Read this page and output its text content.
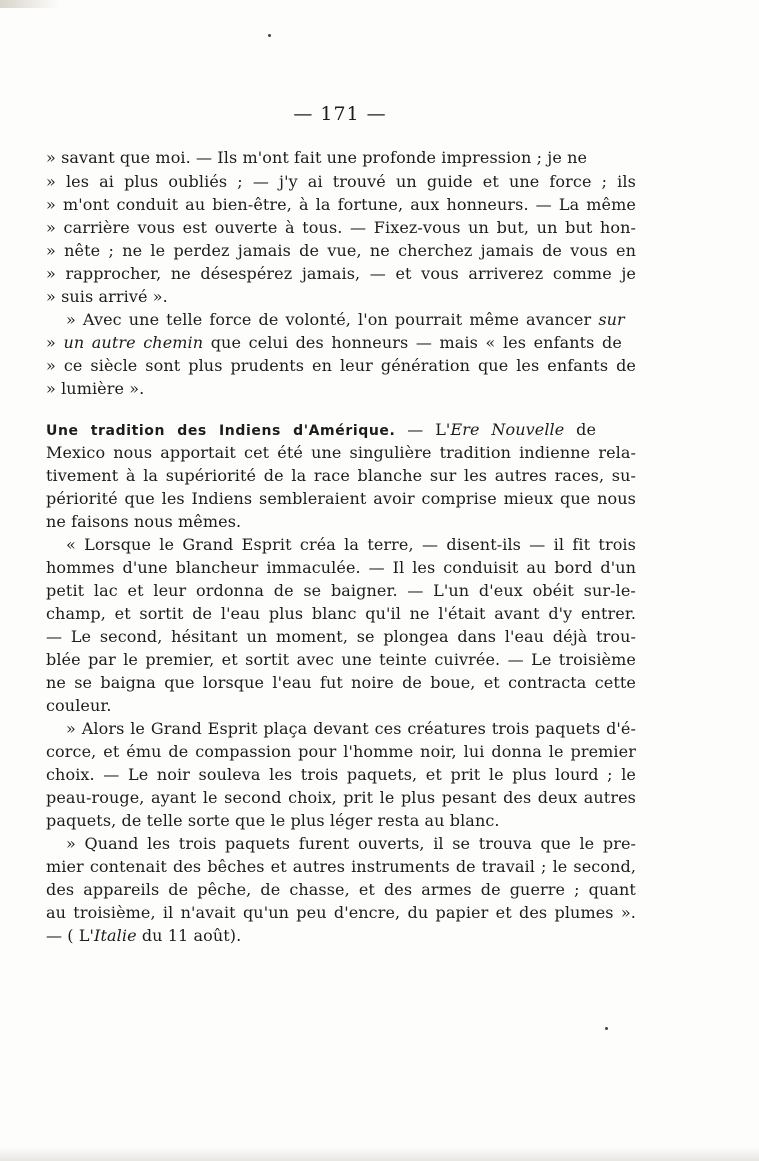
— 171 —
» savant que moi. — Ils m'ont fait une profonde impression ; je ne
» les ai plus oubliés ; — j'y ai trouvé un guide et une force ; ils
» m'ont conduit au bien-être, à la fortune, aux honneurs. — La même
» carrière vous est ouverte à tous. — Fixez-vous un but, un but hon-
» nête ; ne le perdez jamais de vue, ne cherchez jamais de vous en
» rapprocher, ne désespérez jamais, — et vous arriverez comme je
» suis arrivé ».
» Avec une telle force de volonté, l'on pourrait même avancer sur
» un autre chemin que celui des honneurs — mais « les enfants de
» ce siècle sont plus prudents en leur génération que les enfants de
» lumière ».
Une tradition des Indiens d'Amérique. — L'Ere Nouvelle de
Mexico nous apportait cet été une singulière tradition indienne rela-
tivement à la supériorité de la race blanche sur les autres races, su-
périorité que les Indiens sembleraient avoir comprise mieux que nous
ne faisons nous mêmes.
« Lorsque le Grand Esprit créa la terre, — disent-ils — il fit trois
hommes d'une blancheur immaculée. — Il les conduisit au bord d'un
petit lac et leur ordonna de se baigner. — L'un d'eux obéit sur-le-
champ, et sortit de l'eau plus blanc qu'il ne l'était avant d'y entrer.
— Le second, hésitant un moment, se plongea dans l'eau déjà trou-
blée par le premier, et sortit avec une teinte cuivrée. — Le troisième
ne se baigna que lorsque l'eau fut noire de boue, et contracta cette
couleur.
» Alors le Grand Esprit plaça devant ces créatures trois paquets d'é-
corce, et ému de compassion pour l'homme noir, lui donna le premier
choix. — Le noir souleva les trois paquets, et prit le plus lourd ; le
peau-rouge, ayant le second choix, prit le plus pesant des deux autres
paquets, de telle sorte que le plus léger resta au blanc.
» Quand les trois paquets furent ouverts, il se trouva que le pre-
mier contenait des bêches et autres instruments de travail ; le second,
des appareils de pêche, de chasse, et des armes de guerre ; quant
au troisième, il n'avait qu'un peu d'encre, du papier et des plumes ».
— ( L'Italie du 11 août).
